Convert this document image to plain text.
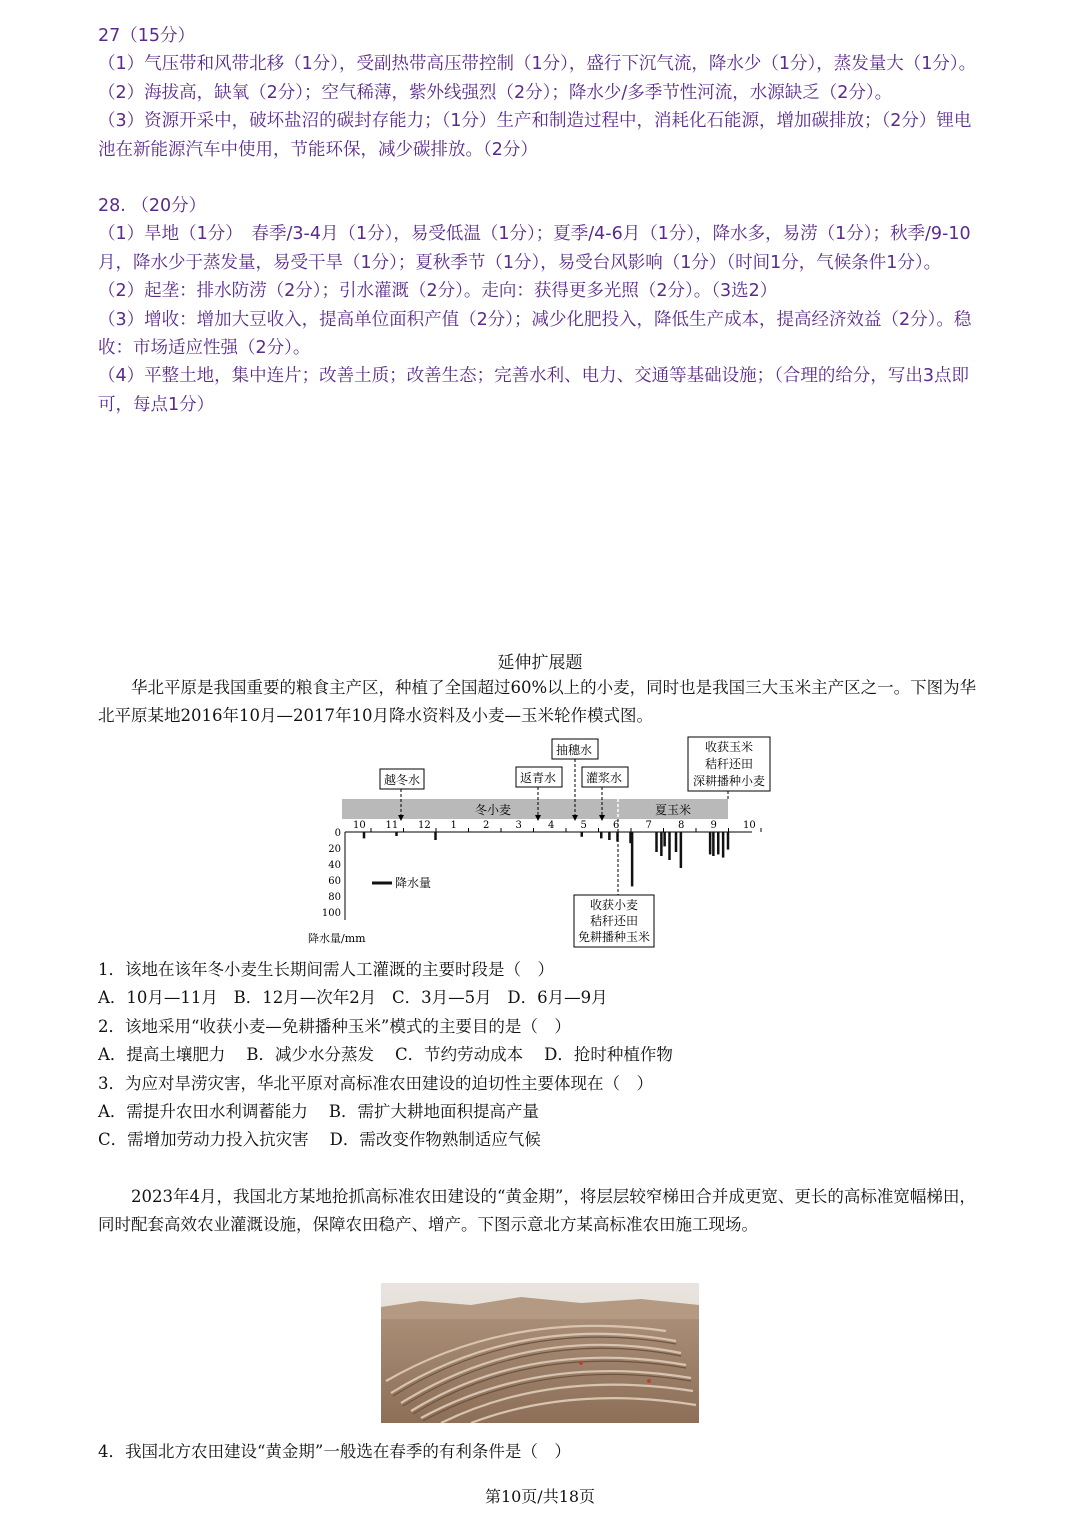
27（15分）

（1）气压带和风带北移（1分），受副热带高压带控制（1分），盛行下沉气流，降水少（1分），蒸发量大（1分）。

（2）海拔高，缺氧（2分）；空气稀薄，紫外线强烈（2分）；降水少/多季节性河流，水源缺乏（2分）。

（3）资源开采中，破坏盐沼的碳封存能力；（1分）生产和制造过程中，消耗化石能源，增加碳排放；（2分）锂电池在新能源汽车中使用，节能环保，减少碳排放。（2分）

28. （20分）

（1）旱地（1分）　春季/3-4月（1分），易受低温（1分）；夏季/4-6月（1分），降水多，易涝（1分）；秋季/9-10月，降水少于蒸发量，易受干旱（1分）；夏秋季节（1分），易受台风影响（1分）（时间1分，气候条件1分）。

（2）起垄：排水防涝（2分）；引水灌溉（2分）。走向：获得更多光照（2分）。（3选2）

（3）增收：增加大豆收入，提高单位面积产值（2分）；减少化肥投入，降低生产成本，提高经济效益（2分）。稳收：市场适应性强（2分）。

（4）平整土地，集中连片；改善土质；改善生态；完善水利、电力、交通等基础设施；（合理的给分，写出3点即可，每点1分）

延伸扩展题

华北平原是我国重要的粮食主产区，种植了全国超过60%以上的小麦，同时也是我国三大玉米主产区之一。下图为华北平原某地2016年10月—2017年10月降水资料及小麦—玉米轮作模式图。

冬小麦	夏玉米
10 11 12 1	2	3	4	5	6	7	8	9	10
0
20
40
60
80
100
降水量/mm
降水量
越冬水	返青水
抽穗水
灌浆水
收获玉米
秸秆还田
深耕播种小麦
收获小麦
秸秆还田
免耕播种玉米

1．该地在该年冬小麦生长期间需人工灌溉的主要时段是（　）

A．10月—11月 B．12月—次年2月 C．3月—5月 D．6月—9月

2．该地采用“收获小麦—免耕播种玉米”模式的主要目的是（　）

A．提高土壤肥力 B．减少水分蒸发 C．节约劳动成本 D．抢时种植作物

3．为应对旱涝灾害，华北平原对高标准农田建设的迫切性主要体现在（　）

A．需提升农田水利调蓄能力 B．需扩大耕地面积提高产量

C．需增加劳动力投入抗灾害 D．需改变作物熟制适应气候

2023年4月，我国北方某地抢抓高标准农田建设的“黄金期”，将层层较窄梯田合并成更宽、更长的高标准宽幅梯田，同时配套高效农业灌溉设施，保障农田稳产、增产。下图示意北方某高标准农田施工现场。

4．我国北方农田建设“黄金期”一般选在春季的有利条件是（　）

第10页/共18页
